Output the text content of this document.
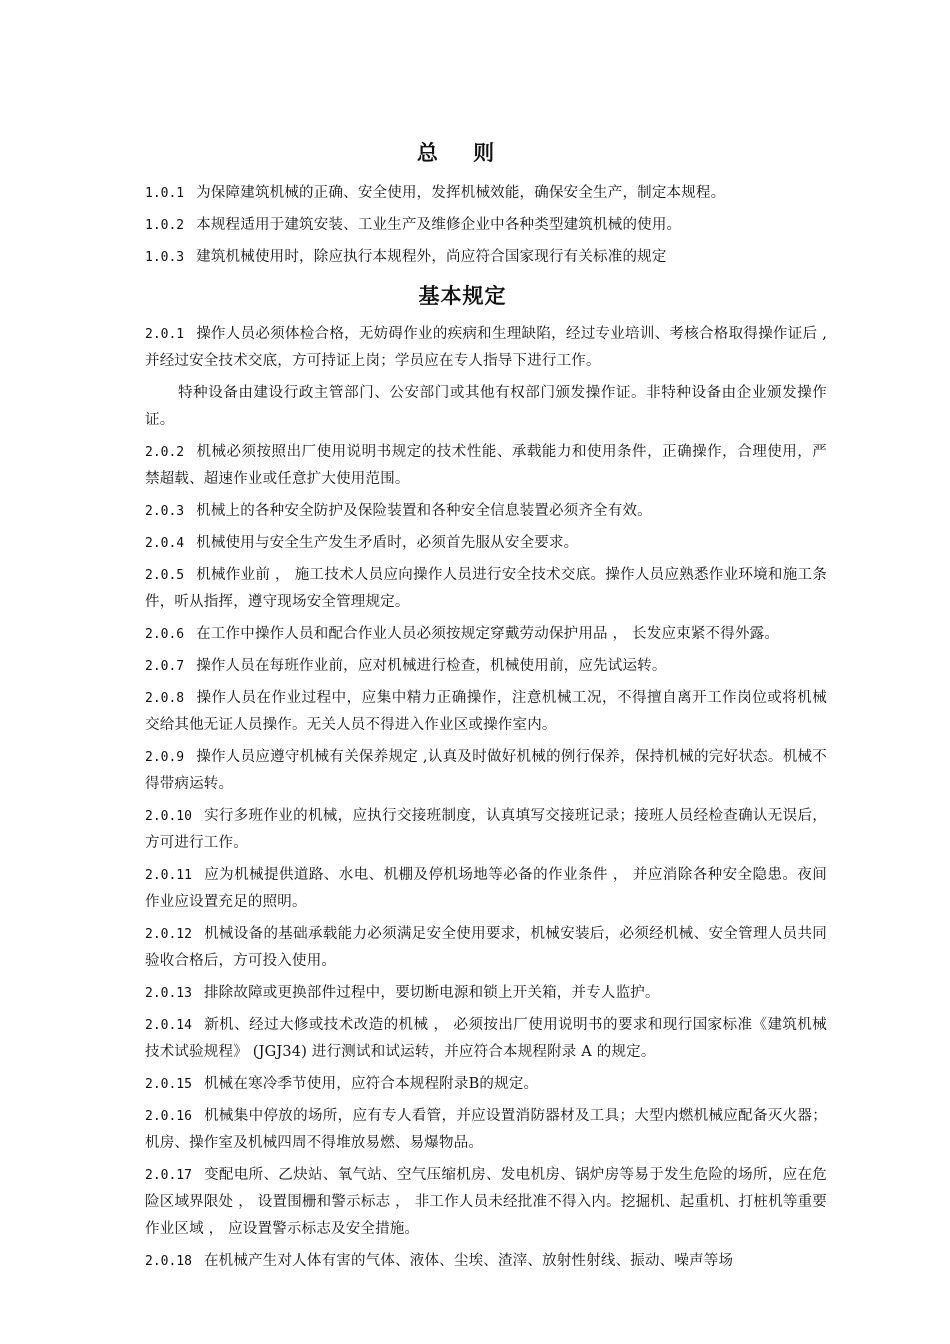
总 则

1.0.1 为保障建筑机械的正确、安全使用，发挥机械效能，确保安全生产，制定本规程。

1.0.2 本规程适用于建筑安装、工业生产及维修企业中各种类型建筑机械的使用。

1.0.3 建筑机械使用时，除应执行本规程外，尚应符合国家现行有关标准的规定

基本规定

2.0.1 操作人员必须体检合格，无妨碍作业的疾病和生理缺陷，经过专业培训、考核合格取得操作证后 ,并经过安全技术交底，方可持证上岗；学员应在专人指导下进行工作。

特种设备由建设行政主管部门、公安部门或其他有权部门颁发操作证。非特种设备由企业颁发操作证。

2.0.2 机械必须按照出厂使用说明书规定的技术性能、承载能力和使用条件，正确操作，合理使用，严禁超载、超速作业或任意扩大使用范围。

2.0.3 机械上的各种安全防护及保险装置和各种安全信息装置必须齐全有效。

2.0.4 机械使用与安全生产发生矛盾时，必须首先服从安全要求。

2.0.5 机械作业前 ， 施工技术人员应向操作人员进行安全技术交底。操作人员应熟悉作业环境和施工条件，听从指挥，遵守现场安全管理规定。

2.0.6 在工作中操作人员和配合作业人员必须按规定穿戴劳动保护用品 ， 长发应束紧不得外露。

2.0.7 操作人员在每班作业前，应对机械进行检查，机械使用前，应先试运转。

2.0.8 操作人员在作业过程中，应集中精力正确操作，注意机械工况，不得擅自离开工作岗位或将机械交给其他无证人员操作。无关人员不得进入作业区或操作室内。

2.0.9 操作人员应遵守机械有关保养规定 ,认真及时做好机械的例行保养，保持机械的完好状态。机械不得带病运转。

2.0.10 实行多班作业的机械，应执行交接班制度，认真填写交接班记录；接班人员经检查确认无误后，方可进行工作。

2.0.11 应为机械提供道路、水电、机棚及停机场地等必备的作业条件 ， 并应消除各种安全隐患。夜间作业应设置充足的照明。

2.0.12 机械设备的基础承载能力必须满足安全使用要求，机械安装后，必须经机械、安全管理人员共同验收合格后，方可投入使用。

2.0.13 排除故障或更换部件过程中，要切断电源和锁上开关箱，并专人监护。

2.0.14 新机、经过大修或技术改造的机械 ， 必须按出厂使用说明书的要求和现行国家标准《建筑机械技术试验规程》 (JGJ34) 进行测试和试运转，并应符合本规程附录 A 的规定。

2.0.15 机械在寒冷季节使用，应符合本规程附录B的规定。

2.0.16 机械集中停放的场所，应有专人看管，并应设置消防器材及工具；大型内燃机械应配备灭火器；机房、操作室及机械四周不得堆放易燃、易爆物品。

2.0.17 变配电所、乙炔站、氧气站、空气压缩机房、发电机房、锅炉房等易于发生危险的场所，应在危险区域界限处 ， 设置围栅和警示标志 ， 非工作人员未经批准不得入内。挖掘机、起重机、打桩机等重要作业区域 ， 应设置警示标志及安全措施。

2.0.18 在机械产生对人体有害的气体、液体、尘埃、渣滓、放射性射线、振动、噪声等场
